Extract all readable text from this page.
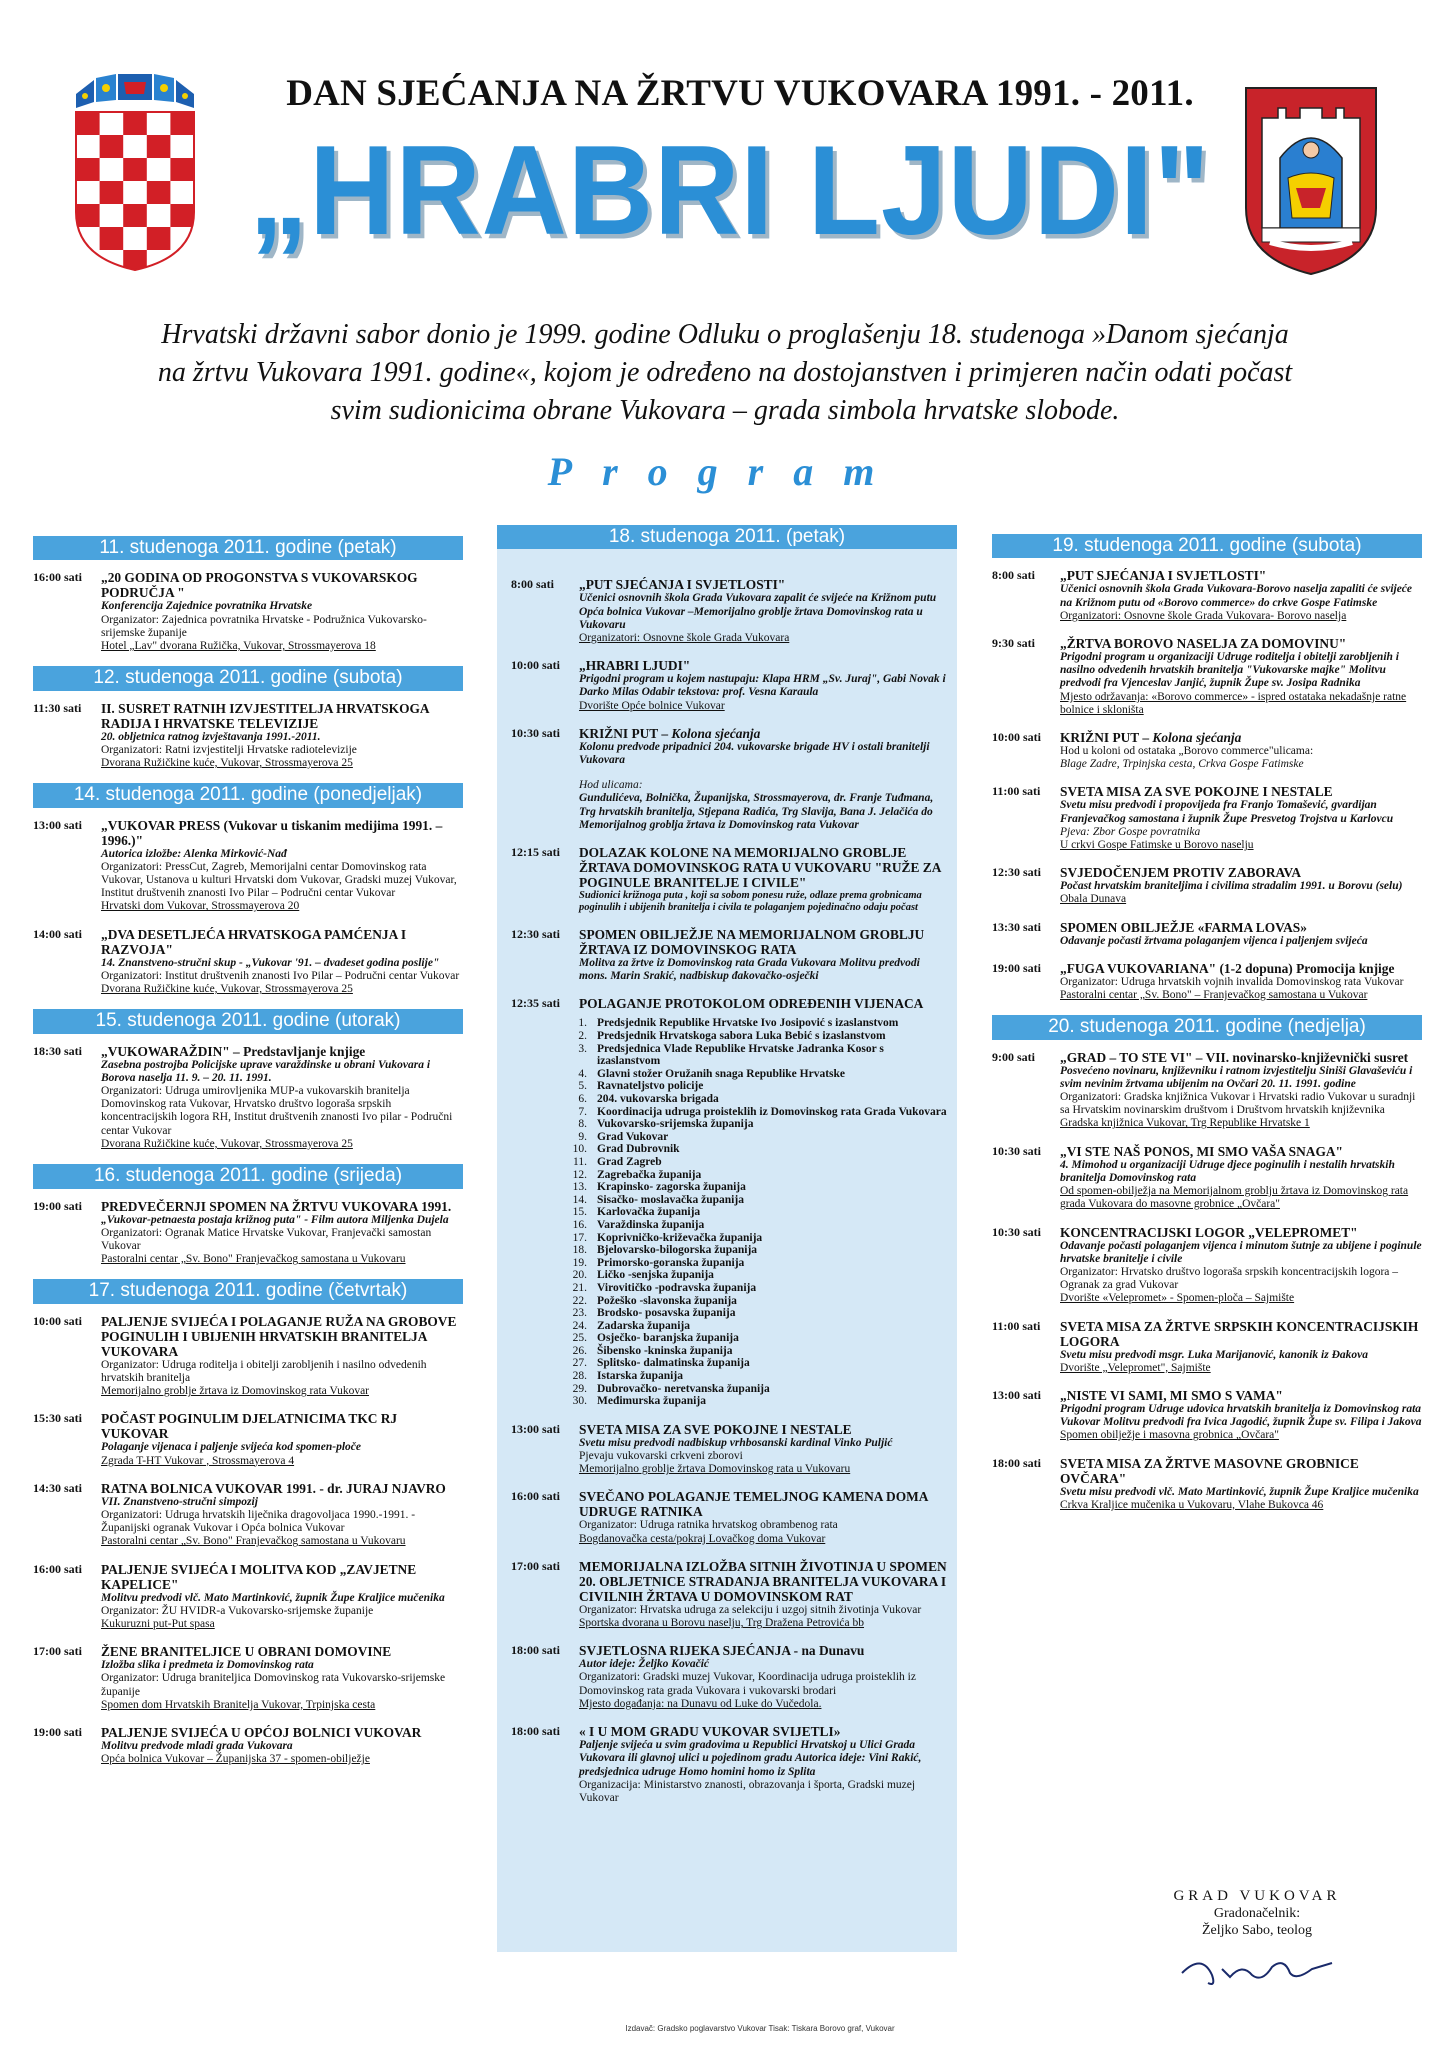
DAN SJEĆANJA NA ŽRTVU VUKOVARA 1991. - 2011.
„HRABRI LJUDI"
Hrvatski državni sabor donio je 1999. godine Odluku o proglašenju 18. studenoga »Danom sjećanja na žrtvu Vukovara 1991. godine«, kojom je određeno na dostojanstven i primjeren način odati počast svim sudionicima obrane Vukovara – grada simbola hrvatske slobode.
Program
11. studenoga 2011. godine (petak)
16:00 sati	„20 GODINA OD PROGONSTVA S VUKOVARSKOG PODRUČJA "
Konferencija Zajednice povratnika Hrvatske
Organizator: Zajednica povratnika Hrvatske - Podružnica Vukovarsko-srijemske županije
Hotel „Lav" dvorana Ružička, Vukovar, Strossmayerova 18
12. studenoga 2011. godine (subota)
11:30 sati	II. SUSRET RATNIH IZVJESTITELJA HRVATSKOGA RADIJA I HRVATSKE TELEVIZIJE
20. obljetnica ratnog izvještavanja 1991.-2011.
Organizatori: Ratni izvjestitelji Hrvatske radiotelevizije
Dvorana Ružičkine kuće, Vukovar, Strossmayerova 25
14. studenoga 2011. godine (ponedjeljak)
13:00 sati	„VUKOVAR PRESS (Vukovar u tiskanim medijima 1991. – 1996.)"
Autorica izložbe: Alenka Mirković-Nađ
Organizatori: PressCut, Zagreb, Memorijalni centar Domovinskog rata Vukovar, Ustanova u kulturi Hrvatski dom Vukovar, Gradski muzej Vukovar, Institut društvenih znanosti Ivo Pilar – Područni centar Vukovar
Hrvatski dom Vukovar, Strossmayerova 20
14:00 sati	„DVA DESETLJEĆA HRVATSKOGA PAMĆENJA I RAZVOJA"
14. Znanstveno-stručni skup - „Vukovar '91. – dvadeset godina poslije"
Organizatori: Institut društvenih znanosti Ivo Pilar – Područni centar Vukovar
Dvorana Ružičkine kuće, Vukovar, Strossmayerova 25
15. studenoga 2011. godine (utorak)
18:30 sati	„VUKOWARAŽDIN" – Predstavljanje knjige
Zasebna postrojba Policijske uprave varaždinske u obrani Vukovara i Borova naselja 11. 9. – 20. 11. 1991.
Organizatori: Udruga umirovljenika MUP-a vukovarskih branitelja Domovinskog rata Vukovar, Hrvatsko društvo logoraša srpskih koncentracijskih logora RH, Institut društvenih znanosti Ivo pilar - Područni centar Vukovar
Dvorana Ružičkine kuće, Vukovar, Strossmayerova 25
16. studenoga 2011. godine (srijeda)
19:00 sati	PREDVEČERNJI SPOMEN NA ŽRTVU VUKOVARA 1991.
„Vukovar-petnaesta postaja križnog puta" - Film autora Miljenka Dujela
Organizatori: Ogranak Matice Hrvatske Vukovar, Franjevački samostan Vukovar
Pastoralni centar „Sv. Bono" Franjevačkog samostana u Vukovaru
17. studenoga 2011. godine (četvrtak)
10:00 sati	PALJENJE SVIJEĆA I POLAGANJE RUŽA NA GROBOVE POGINULIH I UBIJENIH HRVATSKIH BRANITELJA VUKOVARA
Organizator: Udruga roditelja i obitelji zarobljenih i nasilno odvedenih hrvatskih branitelja
Memorijalno groblje žrtava iz Domovinskog rata Vukovar
15:30 sati	POČAST POGINULIM DJELATNICIMA TKC RJ VUKOVAR
Polaganje vijenaca i paljenje svijeća kod spomen-ploče
Zgrada T-HT Vukovar , Strossmayerova 4
14:30 sati	RATNA BOLNICA VUKOVAR 1991. - dr. JURAJ NJAVRO
VII. Znanstveno-stručni simpozij
Organizatori: Udruga hrvatskih liječnika dragovoljaca 1990.-1991. - Županijski ogranak Vukovar i Opća bolnica Vukovar
Pastoralni centar „Sv. Bono" Franjevačkog samostana u Vukovaru
16:00 sati	PALJENJE SVIJEĆA I MOLITVA KOD „ZAVJETNE KAPELICE"
Molitvu predvodi vlč. Mato Martinković, župnik Župe Kraljice mučenika
Organizator: ŽU HVIDR-a Vukovarsko-srijemske županije
Kukuruzni put-Put spasa
17:00 sati	ŽENE BRANITELJICE U OBRANI DOMOVINE
Izložba slika i predmeta iz Domovinskog rata
Organizator: Udruga braniteljica Domovinskog rata Vukovarsko-srijemske županije
Spomen dom Hrvatskih Branitelja Vukovar, Trpinjska cesta
19:00 sati	PALJENJE SVIJEĆA U OPĆOJ BOLNICI VUKOVAR
Molitvu predvode mladi grada Vukovara
Opća bolnica Vukovar – Županijska 37 - spomen-obilježje
18. studenoga 2011. (petak)
8:00 sati	„PUT SJEĆANJA I SVJETLOSTI"
Učenici osnovnih škola Grada Vukovara zapalit će svijeće na Križnom putu Opća bolnica Vukovar –Memorijalno groblje žrtava Domovinskog rata u Vukovaru
Organizatori: Osnovne škole Grada Vukovara
10:00 sati	„HRABRI LJUDI"
Prigodni program u kojem nastupaju: Klapa HRM „Sv. Juraj", Gabi Novak i Darko Milas Odabir tekstova: prof. Vesna Karaula
Dvorište Opće bolnice Vukovar
10:30 sati	KRIŽNI PUT – Kolona sjećanja
Kolonu predvode pripadnici 204. vukovarske brigade HV i ostali branitelji Vukovara
Hod ulicama:
Gundulićeva, Bolnička, Županijska, Strossmayerova, dr. Franje Tuđmana, Trg hrvatskih branitelja, Stjepana Radića, Trg Slavija, Bana J. Jelačića do Memorijalnog groblja žrtava iz Domovinskog rata Vukovar
12:15 sati	DOLAZAK KOLONE NA MEMORIJALNO GROBLJE ŽRTAVA DOMOVINSKOG RATA U VUKOVARU "RUŽE ZA POGINULE BRANITELJE I CIVILE"
Sudionici križnoga puta , koji sa sobom ponesu ruže, odlaze prema grobnicama poginulih i ubijenih branitelja i civila te polaganjem pojedinačno odaju počast
12:30 sati	SPOMEN OBILJEŽJE NA MEMORIJALNOM GROBLJU ŽRTAVA IZ DOMOVINSKOG RATA
Molitva za žrtve iz Domovinskog rata Grada Vukovara Molitvu predvodi mons. Marin Srakić, nadbiskup đakovačko-osječki
12:35 sati	POLAGANJE PROTOKOLOM ODREĐENIH VIJENACA
1. Predsjednik Republike Hrvatske Ivo Josipović s izaslanstvom
2. Predsjednik Hrvatskoga sabora Luka Bebić s izaslanstvom
3. Predsjednica Vlade Republike Hrvatske Jadranka Kosor s izaslanstvom
4. Glavni stožer Oružanih snaga Republike Hrvatske
5. Ravnateljstvo policije
6. 204. vukovarska brigada
7. Koordinacija udruga proisteklih iz Domovinskog rata Grada Vukovara
8. Vukovarsko-srijemska županija
9. Grad Vukovar
10. Grad Dubrovnik
11. Grad Zagreb
12. Zagrebačka županija
13. Krapinsko- zagorska županija
14. Sisačko- moslavačka županija
15. Karlovačka županija
16. Varaždinska županija
17. Koprivničko-križevačka županija
18. Bjelovarsko-bilogorska županija
19. Primorsko-goranska županija
20. Ličko -senjska županija
21. Virovitičko -podravska županija
22. Požeško -slavonska županija
23. Brodsko- posavska županija
24. Zadarska županija
25. Osječko- baranjska županija
26. Šibensko -kninska županija
27. Splitsko- dalmatinska županija
28. Istarska županija
29. Dubrovačko- neretvanska županija
30. Međimurska županija
13:00 sati	SVETA MISA ZA SVE POKOJNE I NESTALE
Svetu misu predvodi nadbiskup vrhbosanski kardinal Vinko Puljić
Pjevaju vukovarski crkveni zborovi
Memorijalno groblje žrtava Domovinskog rata u Vukovaru
16:00 sati	SVEČANO POLAGANJE TEMELJNOG KAMENA DOMA UDRUGE RATNIKA
Organizator: Udruga ratnika hrvatskog obrambenog rata
Bogdanovačka cesta/pokraj Lovačkog doma Vukovar
17:00 sati	MEMORIJALNA IZLOŽBA SITNIH ŽIVOTINJA U SPOMEN 20. OBLJETNICE STRADANJA BRANITELJA VUKOVARA I CIVILNIH ŽRTAVA U DOMOVINSKOM RAT
Organizator: Hrvatska udruga za selekciju i uzgoj sitnih životinja Vukovar
Sportska dvorana u Borovu naselju, Trg Dražena Petrovića bb
18:00 sati	SVJETLOSNA RIJEKA SJEĆANJA - na Dunavu
Autor ideje: Željko Kovačić
Organizatori: Gradski muzej Vukovar, Koordinacija udruga proisteklih iz Domovinskog rata grada Vukovara i vukovarski brodari
Mjesto događanja: na Dunavu od Luke do Vučedola.
18:00 sati	« I U MOM GRADU VUKOVAR SVIJETLI»
Paljenje svijeća u svim gradovima u Republici Hrvatskoj u Ulici Grada Vukovara ili glavnoj ulici u pojedinom gradu Autorica ideje: Vini Rakić, predsjednica udruge Homo homini homo iz Splita
Organizacija: Ministarstvo znanosti, obrazovanja i športa, Gradski muzej Vukovar
19. studenoga 2011. godine (subota)
8:00 sati	„PUT SJEĆANJA I SVJETLOSTI"
Učenici osnovnih škola Grada Vukovara-Borovo naselja zapaliti će svijeće na Križnom putu od «Borovo commerce» do crkve Gospe Fatimske
Organizatori: Osnovne škole Grada Vukovara- Borovo naselja
9:30 sati	„ŽRTVA BOROVO NASELJA ZA DOMOVINU"
Prigodni program u organizaciji Udruge roditelja i obitelji zarobljenih i nasilno odvedenih hrvatskih branitelja "Vukovarske majke" Molitvu predvodi fra Vjenceslav Janjić, župnik Župe sv. Josipa Radnika
Mjesto održavanja: «Borovo commerce» - ispred ostataka nekadašnje ratne bolnice i skloništa
10:00 sati	KRIŽNI PUT – Kolona sjećanja
Hod u koloni od ostataka „Borovo commerce"ulicama:
Blage Zadre, Trpinjska cesta, Crkva Gospe Fatimske
11:00 sati	SVETA MISA ZA SVE POKOJNE I NESTALE
Svetu misu predvodi i propovijeda fra Franjo Tomašević, gvardijan Franjevačkog samostana i župnik Župe Presvetog Trojstva u Karlovcu
Pjeva: Zbor Gospe povratnika
U crkvi Gospe Fatimske u Borovo naselju
12:30 sati	SVJEDOČENJEM PROTIV ZABORAVA
Počast hrvatskim braniteljima i civilima stradalim 1991. u Borovu (selu)
Obala Dunava
13:30 sati	SPOMEN OBILJEŽJE «FARMA LOVAS»
Odavanje počasti žrtvama polaganjem vijenca i paljenjem svijeća
19:00 sati	„FUGA VUKOVARIANA" (1-2 dopuna) Promocija knjige
Organizator: Udruga hrvatskih vojnih invalida Domovinskog rata Vukovar
Pastoralni centar „Sv. Bono" – Franjevačkog samostana u Vukovar
20. studenoga 2011. godine (nedjelja)
9:00 sati	„GRAD – TO STE VI" – VII. novinarsko-književnički susret
Posvećeno novinaru, književniku i ratnom izvjestitelju Siniši Glavaševiću i svim nevinim žrtvama ubijenim na Ovčari 20. 11. 1991. godine
Organizatori: Gradska knjižnica Vukovar i Hrvatski radio Vukovar u suradnji sa Hrvatskim novinarskim društvom i Društvom hrvatskih književnika
Gradska knjižnica Vukovar, Trg Republike Hrvatske 1
10:30 sati	„VI STE NAŠ PONOS, MI SMO VAŠA SNAGA"
4. Mimohod u organizaciji Udruge djece poginulih i nestalih hrvatskih branitelja Domovinskog rata
Od spomen-obilježja na Memorijalnom groblju žrtava iz Domovinskog rata grada Vukovara do masovne grobnice „Ovčara"
10:30 sati	KONCENTRACIJSKI LOGOR „VELEPROMET"
Odavanje počasti polaganjem vijenca i minutom šutnje za ubijene i poginule hrvatske branitelje i civile
Organizator: Hrvatsko društvo logoraša srpskih koncentracijskih logora – Ogranak za grad Vukovar
Dvorište «Velepromet» - Spomen-ploča – Sajmište
11:00 sati	SVETA MISA ZA ŽRTVE SRPSKIH KONCENTRACIJSKIH LOGORA
Svetu misu predvodi msgr. Luka Marijanović, kanonik iz Đakova
Dvorište „Velepromet", Sajmište
13:00 sati	„NISTE VI SAMI, MI SMO S VAMA"
Prigodni program Udruge udovica hrvatskih branitelja iz Domovinskog rata Vukovar Molitvu predvodi fra Ivica Jagodić, župnik Župe sv. Filipa i Jakova
Spomen obilježje i masovna grobnica „Ovčara"
18:00 sati	SVETA MISA ZA ŽRTVE MASOVNE GROBNICE OVČARA"
Svetu misu predvodi vlč. Mato Martinković, župnik Župe Kraljice mučenika
Crkva Kraljice mučenika u Vukovaru, Vlahe Bukovca 46
GRAD VUKOVAR
Gradonačelnik:
Željko Sabo, teolog
Izdavač: Gradsko poglavarstvo Vukovar Tisak: Tiskara Borovo graf, Vukovar
